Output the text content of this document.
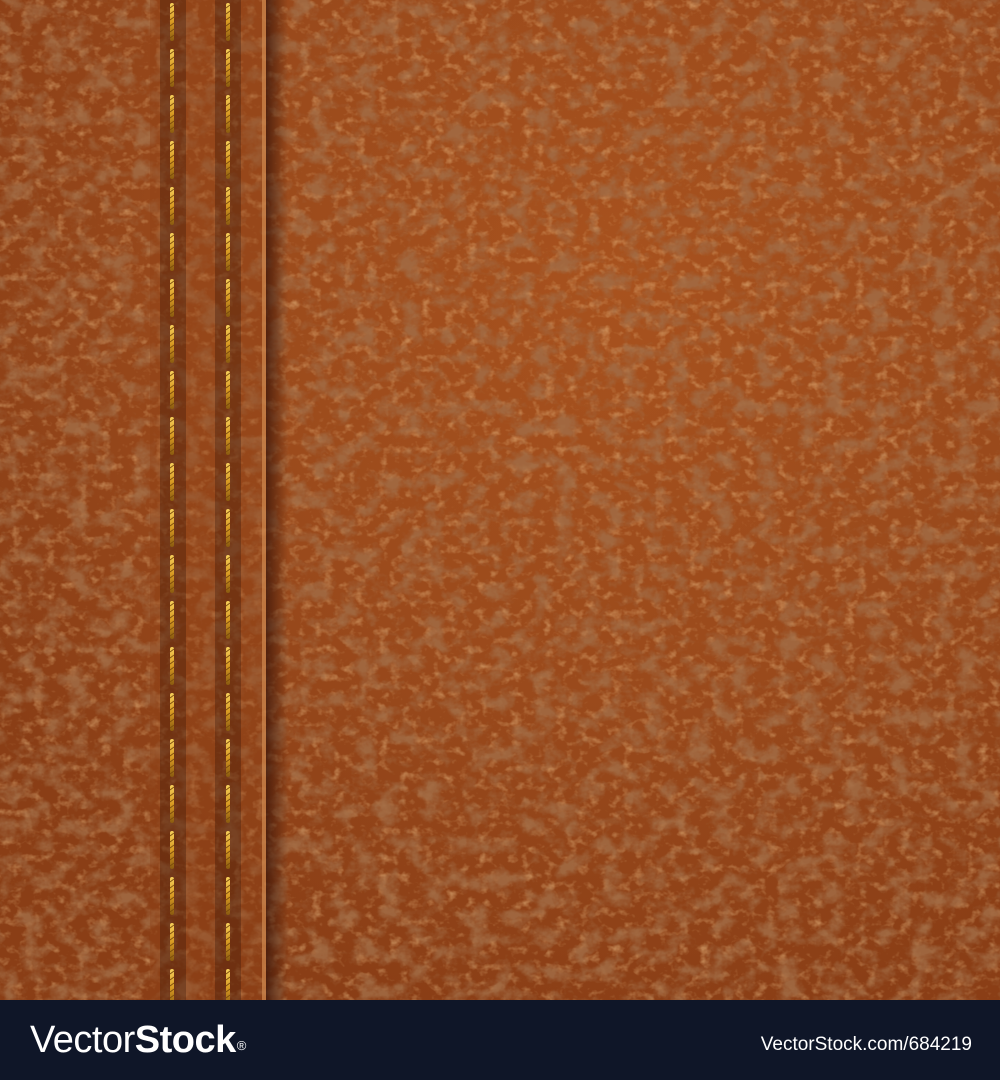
VectorStock®	VectorStock.com/684219
